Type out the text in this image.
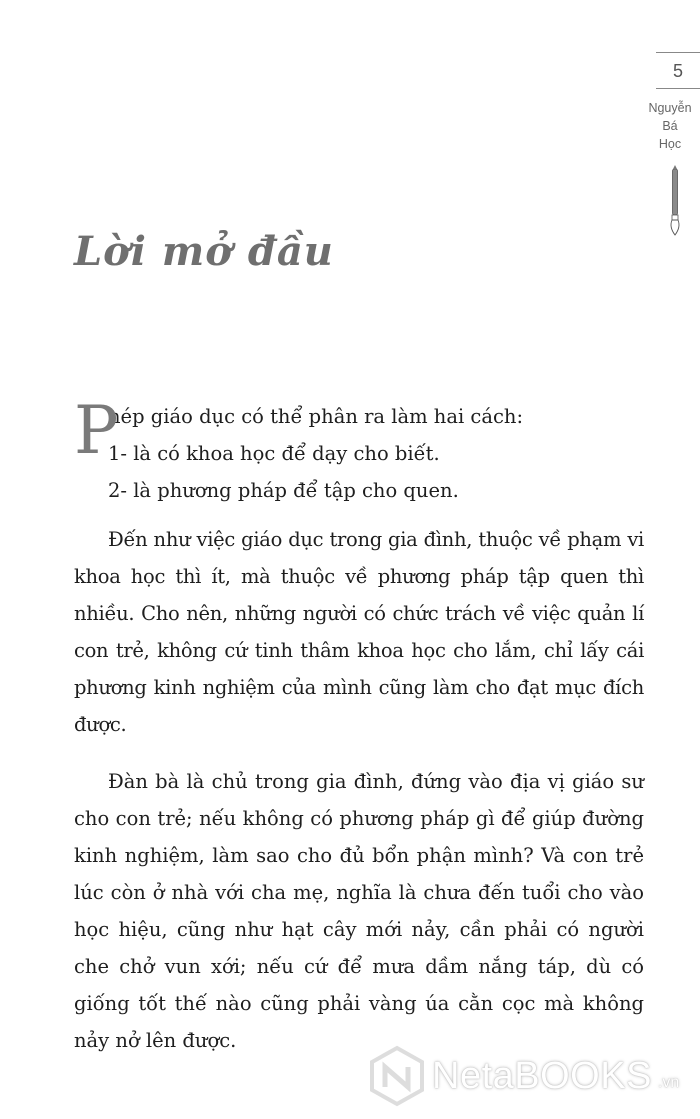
5
Nguyễn
Bá
Học
Lời mở đầu
P
hép giáo dục có thể phân ra làm hai cách:
1- là có khoa học để dạy cho biết.
2- là phương pháp để tập cho quen.

Đến như việc giáo dục trong gia đình, thuộc về phạm vi khoa học thì ít, mà thuộc về phương pháp tập quen thì nhiều. Cho nên, những người có chức trách về việc quản lí con trẻ, không cứ tinh thâm khoa học cho lắm, chỉ lấy cái phương kinh nghiệm của mình cũng làm cho đạt mục đích được.

Đàn bà là chủ trong gia đình, đứng vào địa vị giáo sư cho con trẻ; nếu không có phương pháp gì để giúp đường kinh nghiệm, làm sao cho đủ bổn phận mình? Và con trẻ lúc còn ở nhà với cha mẹ, nghĩa là chưa đến tuổi cho vào học hiệu, cũng như hạt cây mới nảy, cần phải có người che chở vun xới; nếu cứ để mưa dầm nắng táp, dù có giống tốt thế nào cũng phải vàng úa cằn cọc mà không nảy nở lên được.

NetaBOOKS .vn
